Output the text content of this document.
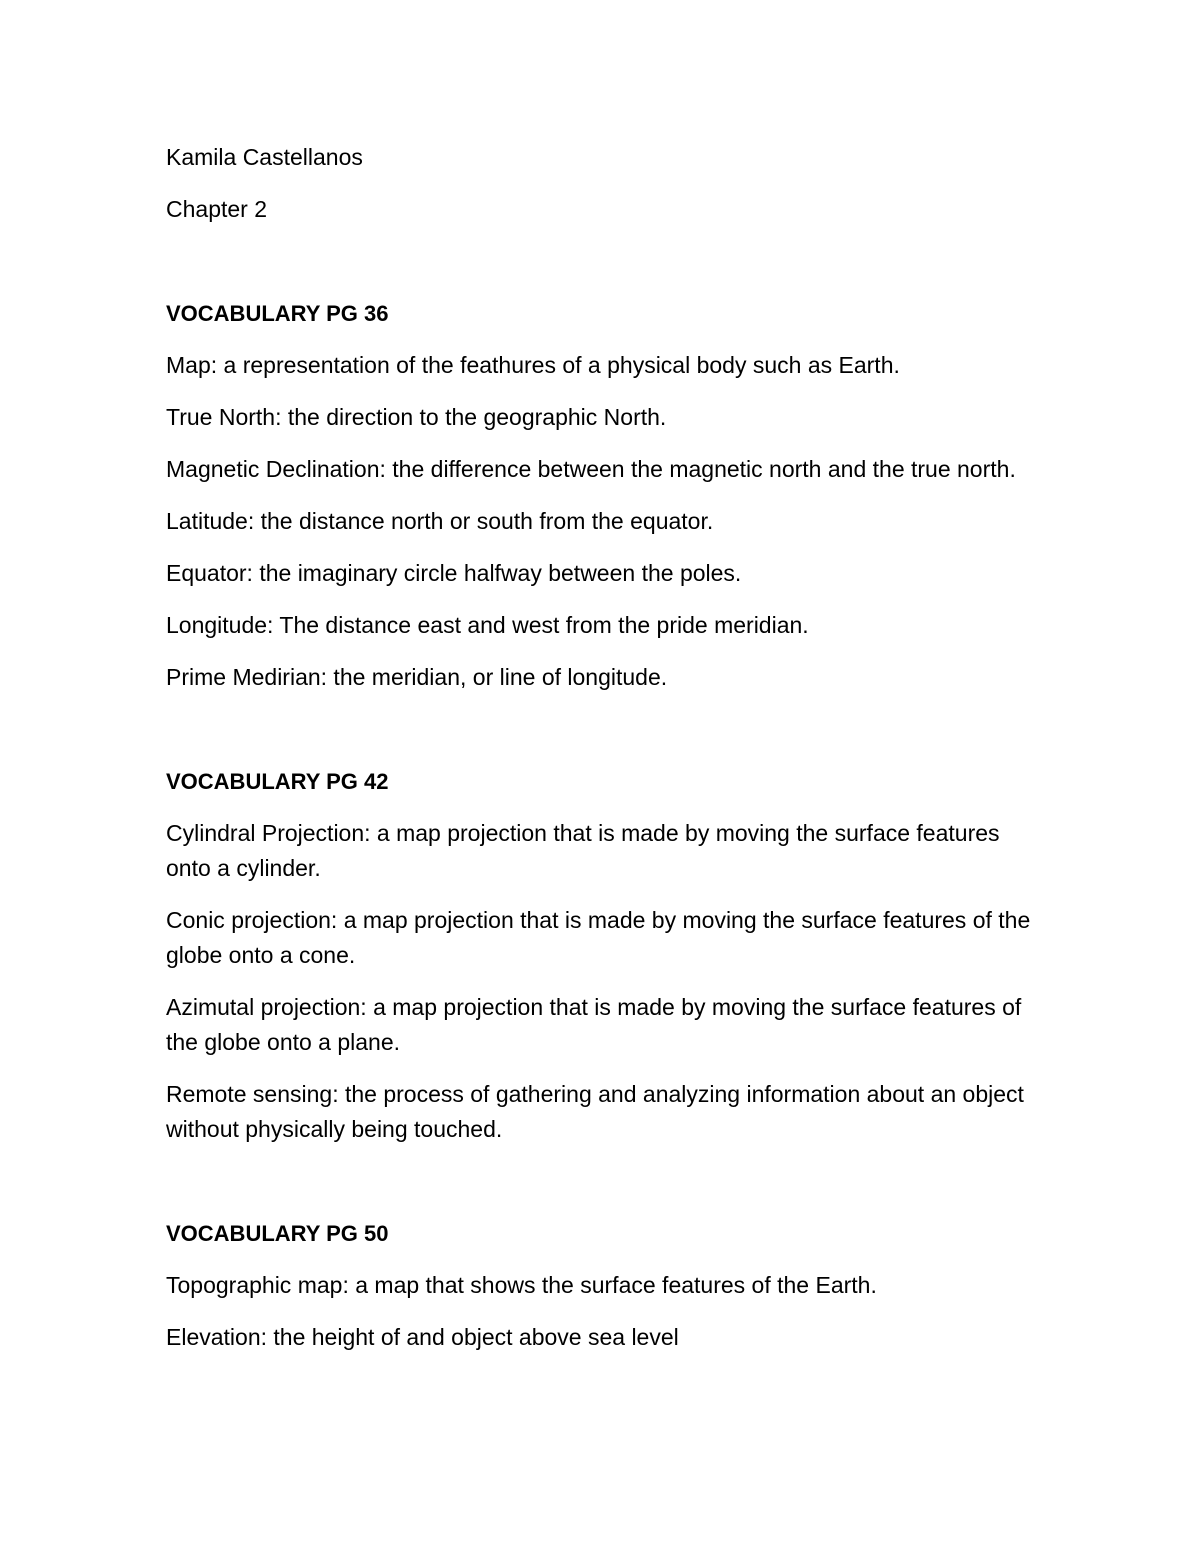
Kamila Castellanos
Chapter 2
VOCABULARY PG 36
Map: a representation of the feathures of a physical body such as Earth.
True North: the direction to the geographic North.
Magnetic Declination: the difference between the magnetic north and the true north.
Latitude: the distance north or south from the equator.
Equator: the imaginary circle halfway between the poles.
Longitude: The distance east and west from the pride meridian.
Prime Medirian: the meridian, or line of longitude.
VOCABULARY PG 42
Cylindral Projection: a map projection that is made by moving the surface features onto a cylinder.
Conic projection: a map projection that is made by moving the surface features of the globe onto a cone.
Azimutal projection: a map projection that is made by moving the surface features of the globe onto a plane.
Remote sensing: the process of gathering and analyzing information about an object without physically being touched.
VOCABULARY PG 50
Topographic map: a map that shows the surface features of the Earth.
Elevation: the height of and object above sea level
